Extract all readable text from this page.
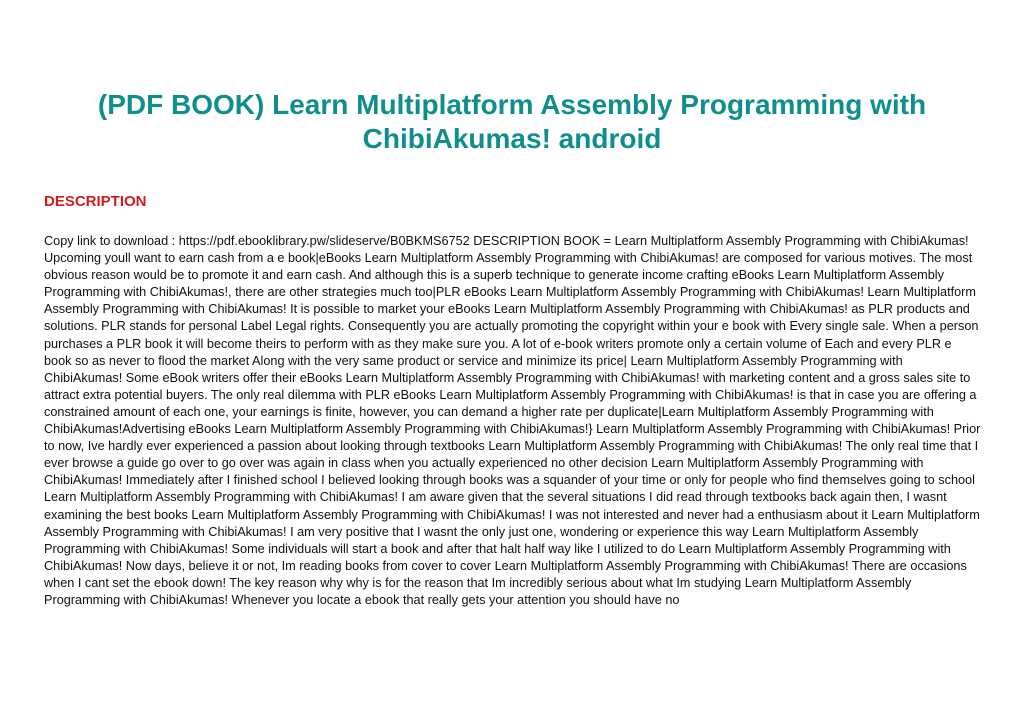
(PDF BOOK) Learn Multiplatform Assembly Programming with ChibiAkumas! android
DESCRIPTION

Copy link to download : https://pdf.ebooklibrary.pw/slideserve/B0BKMS6752 DESCRIPTION BOOK = Learn Multiplatform Assembly Programming with ChibiAkumas! Upcoming youll want to earn cash from a e book|eBooks Learn Multiplatform Assembly Programming with ChibiAkumas! are composed for various motives. The most obvious reason would be to promote it and earn cash. And although this is a superb technique to generate income crafting eBooks Learn Multiplatform Assembly Programming with ChibiAkumas!, there are other strategies much too|PLR eBooks Learn Multiplatform Assembly Programming with ChibiAkumas! Learn Multiplatform Assembly Programming with ChibiAkumas! It is possible to market your eBooks Learn Multiplatform Assembly Programming with ChibiAkumas! as PLR products and solutions. PLR stands for personal Label Legal rights. Consequently you are actually promoting the copyright within your e book with Every single sale. When a person purchases a PLR book it will become theirs to perform with as they make sure you. A lot of e-book writers promote only a certain volume of Each and every PLR e book so as never to flood the market Along with the very same product or service and minimize its price| Learn Multiplatform Assembly Programming with ChibiAkumas! Some eBook writers offer their eBooks Learn Multiplatform Assembly Programming with ChibiAkumas! with marketing content and a gross sales site to attract extra potential buyers. The only real dilemma with PLR eBooks Learn Multiplatform Assembly Programming with ChibiAkumas! is that in case you are offering a constrained amount of each one, your earnings is finite, however, you can demand a higher rate per duplicate|Learn Multiplatform Assembly Programming with ChibiAkumas!Advertising eBooks Learn Multiplatform Assembly Programming with ChibiAkumas!} Learn Multiplatform Assembly Programming with ChibiAkumas! Prior to now, Ive hardly ever experienced a passion about looking through textbooks Learn Multiplatform Assembly Programming with ChibiAkumas! The only real time that I ever browse a guide go over to go over was again in class when you actually experienced no other decision Learn Multiplatform Assembly Programming with ChibiAkumas! Immediately after I finished school I believed looking through books was a squander of your time or only for people who find themselves going to school Learn Multiplatform Assembly Programming with ChibiAkumas! I am aware given that the several situations I did read through textbooks back again then, I wasnt examining the best books Learn Multiplatform Assembly Programming with ChibiAkumas! I was not interested and never had a enthusiasm about it Learn Multiplatform Assembly Programming with ChibiAkumas! I am very positive that I wasnt the only just one, wondering or experience this way Learn Multiplatform Assembly Programming with ChibiAkumas! Some individuals will start a book and after that halt half way like I utilized to do Learn Multiplatform Assembly Programming with ChibiAkumas! Now days, believe it or not, Im reading books from cover to cover Learn Multiplatform Assembly Programming with ChibiAkumas! There are occasions when I cant set the ebook down! The key reason why why is for the reason that Im incredibly serious about what Im studying Learn Multiplatform Assembly Programming with ChibiAkumas! Whenever you locate a ebook that really gets your attention you should have no
